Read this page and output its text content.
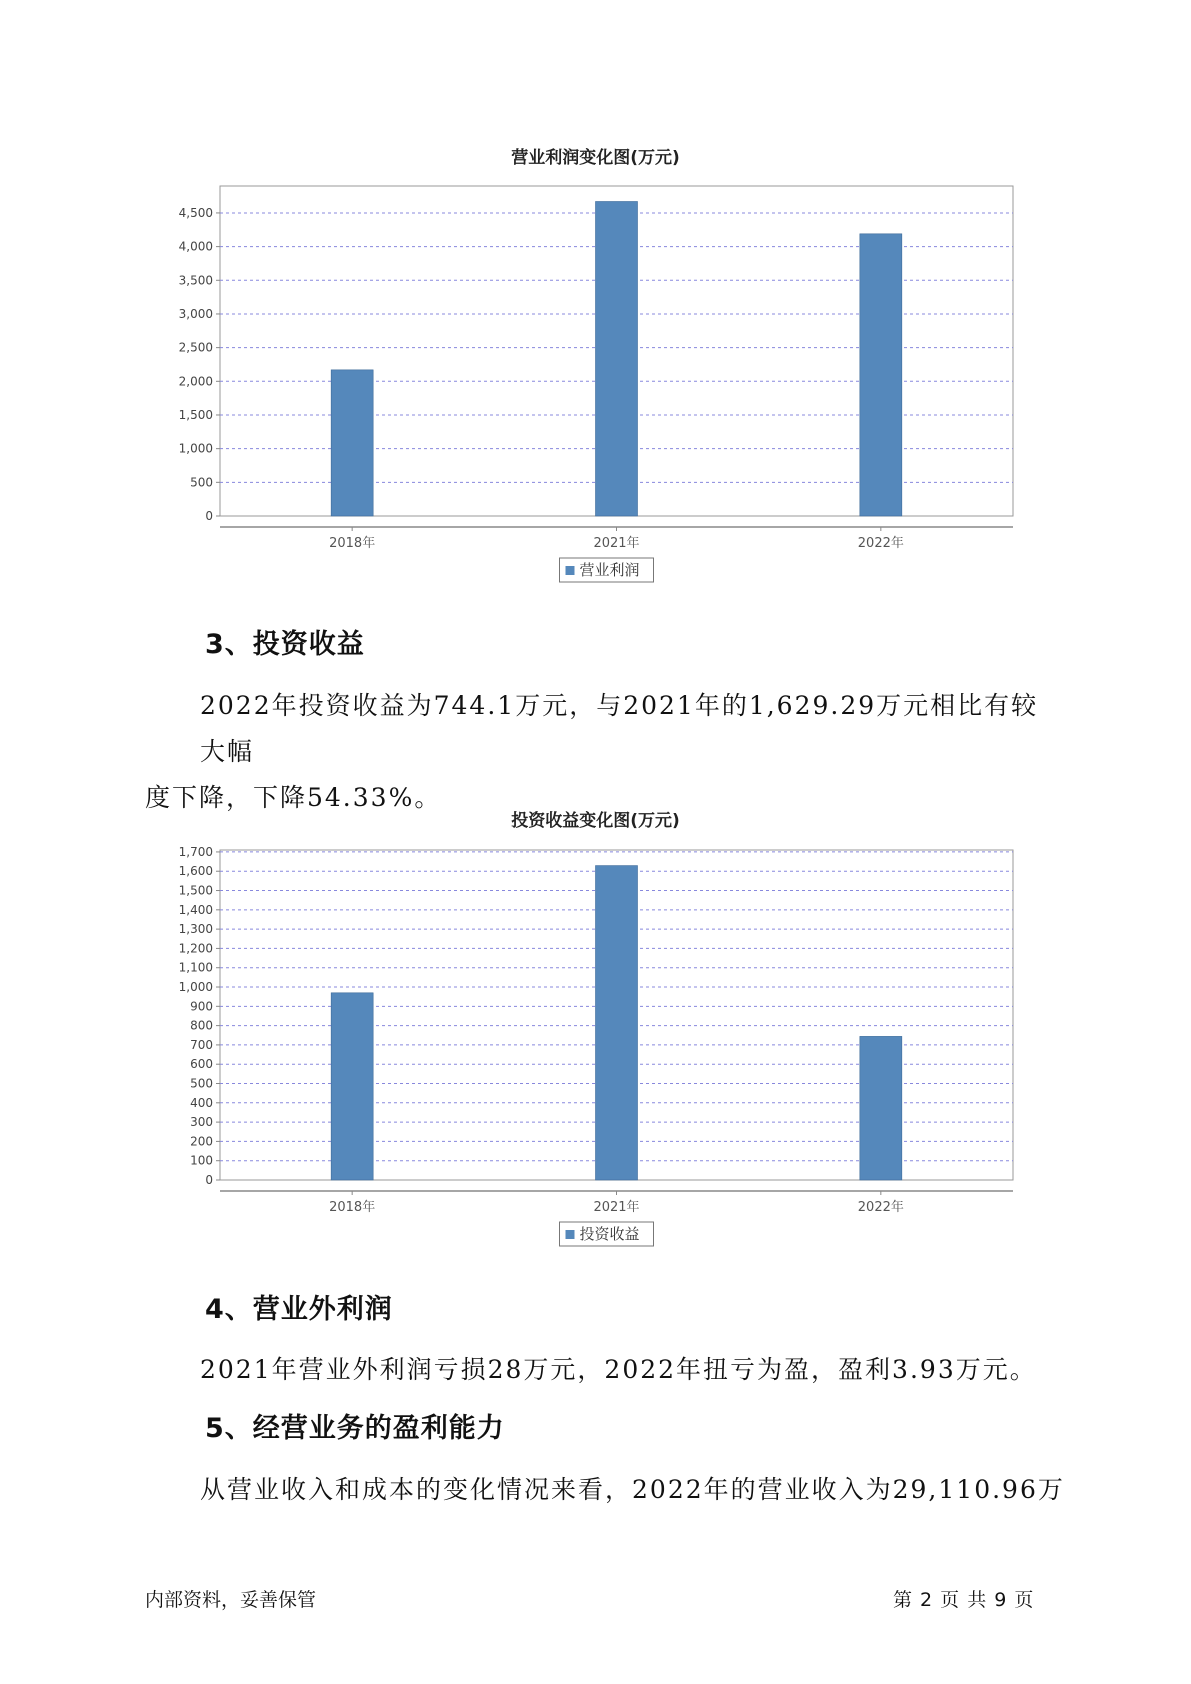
营业利润变化图(万元)
0
500
1,000
1,500
2,000
2,500
3,000
3,500
4,000
4,500
2018年	2021年	2022年
营业利润
3、投资收益
2022年投资收益为744.1万元，与2021年的1,629.29万元相比有较大幅
度下降，下降54.33%。
投资收益变化图(万元)
0
100
200
300
400
500
600
700
800
900
1,000
1,100
1,200
1,300
1,400
1,500
1,600
1,700
2018年	2021年	2022年
投资收益
4、营业外利润
2021年营业外利润亏损28万元，2022年扭亏为盈，盈利3.93万元。
5、经营业务的盈利能力
从营业收入和成本的变化情况来看，2022年的营业收入为29,110.96万
内部资料，妥善保管	第 2 页 共 9 页
